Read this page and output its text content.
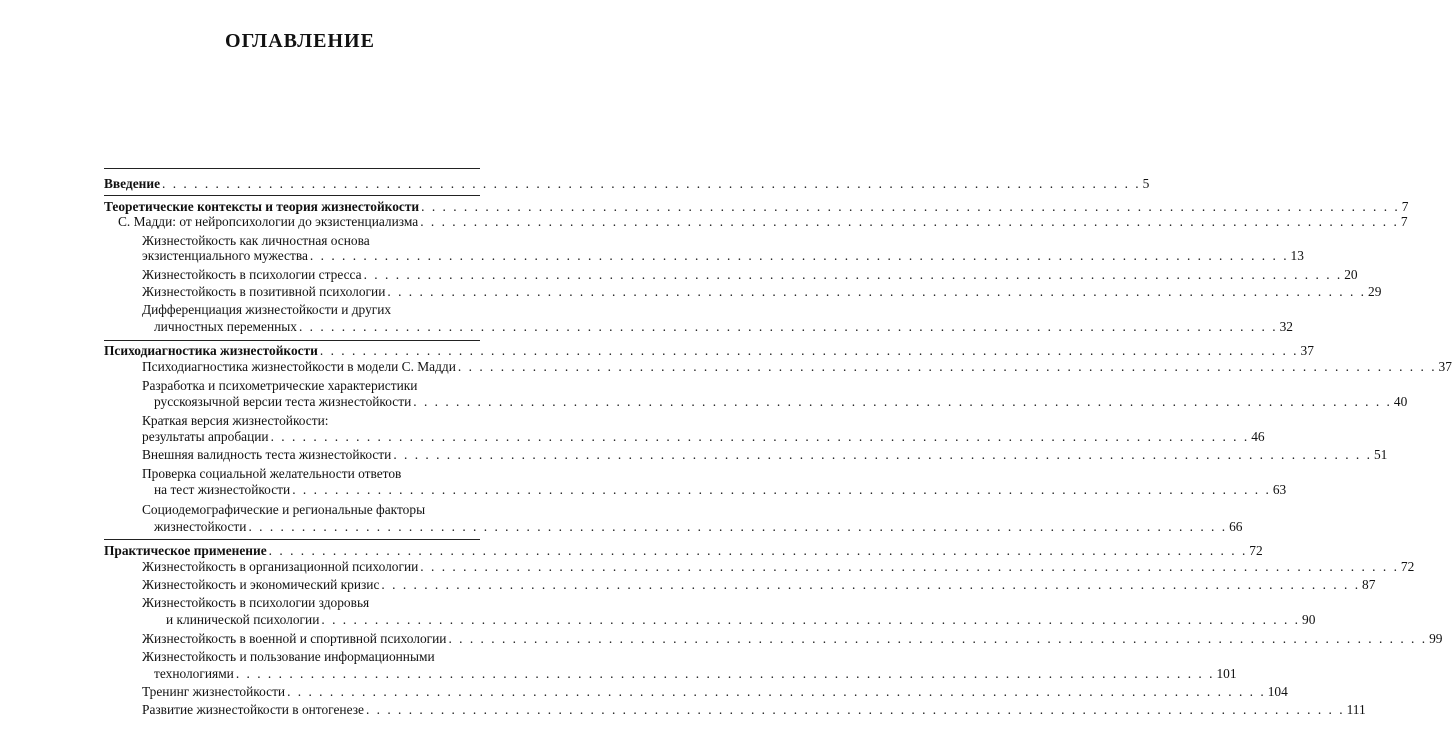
ОГЛАВЛЕНИЕ
Введение . . .	5
Теоретические контексты и теория жизнестойкости . . .	7
С. Мадди: от нейропсихологии до экзистенциализма . . .	7
Жизнестойкость как личностная основа
экзистенциального мужества . . .	13
Жизнестойкость в психологии стресса . . .	20
Жизнестойкость в позитивной психологии . . .	29
Дифференциация жизнестойкости и других
личностных переменных . . .	32
Психодиагностика жизнестойкости . . .	37
Психодиагностика жизнестойкости в модели С. Мадди . . .	37
Разработка и психометрические характеристики
русскоязычной версии теста жизнестойкости . . .	40
Краткая версия жизнестойкости:
результаты апробации . . .	46
Внешняя валидность теста жизнестойкости . . .	51
Проверка социальной желательности ответов
на тест жизнестойкости . . .	63
Социодемографические и региональные факторы
жизнестойкости . . .	66
Практическое применение . . .	72
Жизнестойкость в организационной психологии . . .	72
Жизнестойкость и экономический кризис . . .	87
Жизнестойкость в психологии здоровья
и клинической психологии . . .	90
Жизнестойкость в военной и спортивной психологии . . .	99
Жизнестойкость и пользование информационными
технологиями . . .	101
Тренинг жизнестойкости . . .	104
Развитие жизнестойкости в онтогенезе . . .	111
